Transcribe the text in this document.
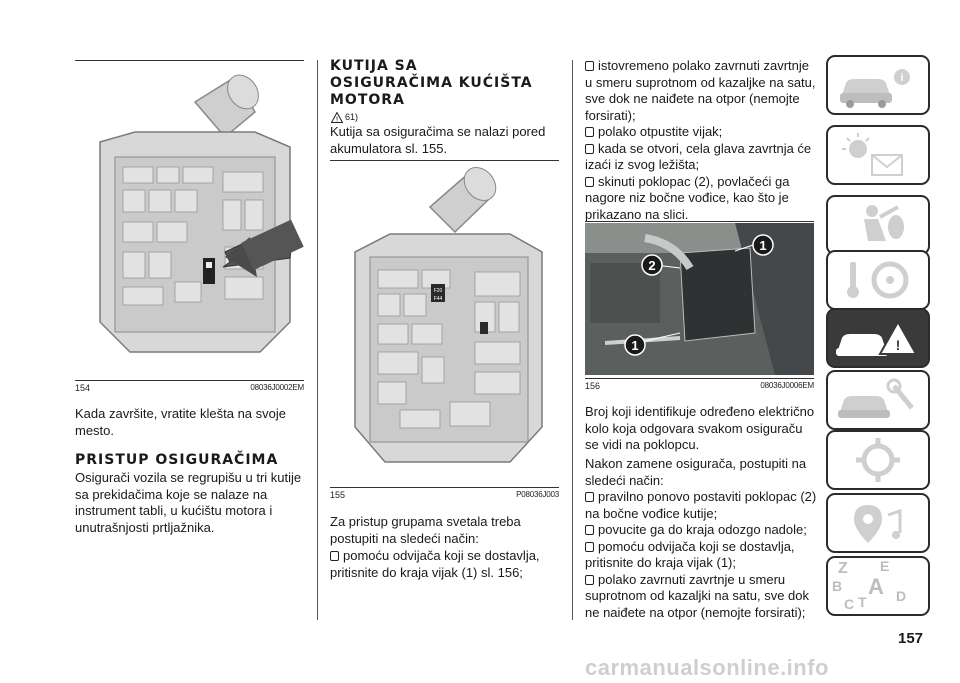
154	08036J0002EM
Kada završite, vratite klešta na svoje mesto.
PRISTUP OSIGURAČIMA
Osigurači vozila se regrupišu u tri kutije sa prekidačima koje se nalaze na instrument tabli, u kućištu motora i unutrašnjosti prtljažnika.
KUTIJA SA
OSIGURAČIMA KUĆIŠTA
MOTORA
! 61)
Kutija sa osiguračima se nalazi pored akumulatora sl. 155.
F20
F44
155	P08036J003
Za pristup grupama svetala treba postupiti na sledeći način:
pomoću odvijača koji se dostavlja, pritisnite do kraja vijak (1) sl. 156;
istovremeno polako zavrnuti zavrtnje u smeru suprotnom od kazaljke na satu, sve dok ne naiđete na otpor (nemojte forsirati);
polako otpustite vijak;
kada se otvori, cela glava zavrtnja će izaći iz svog ležišta;
skinuti poklopac (2), povlačeći ga nagore niz bočne vođice, kao što je prikazano na slici.
1
2
1
156	08036J0006EM
Broj koji identifikuje određeno električno kolo koja odgovara svakom osiguraču se vidi na poklopcu.
Nakon zamene osigurača, postupiti na sledeći način:
pravilno ponovo postaviti poklopac (2) na bočne vođice kutije;
povucite ga do kraja odozgo nadole;
pomoću odvijača koji se dostavlja, pritisnite do kraja vijak (1);
polako zavrnuti zavrtnje u smeru suprotnom od kazaljki na satu, sve dok ne naiđete na otpor (nemojte forsirati);
i
!
Z E
B A
C T D
157
carmanualsonline.info
